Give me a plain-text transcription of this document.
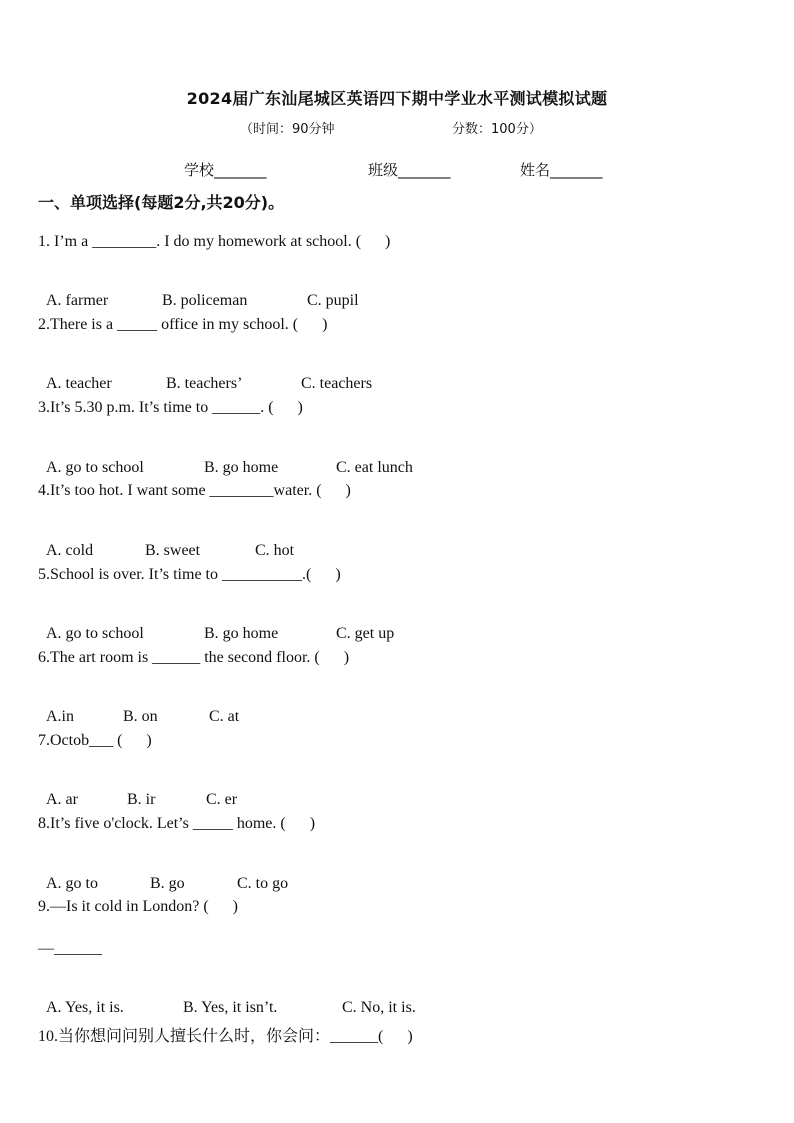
2024届广东汕尾城区英语四下期中学业水平测试模拟试题
（时间：90分钟	分数：100分）
学校_______	班级_______	姓名_______
一、单项选择(每题2分,共20分)。
1. I’m a ________. I do my homework at school. (      )

A. farmer	B. policeman	C. pupil

2.There is a _____ office in my school. (      )

A. teacher	B. teachers’	C. teachers

3.It’s 5.30 p.m. It’s time to ______. (      )

A. go to school	B. go home	C. eat lunch

4.It’s too hot. I want some ________water. (      )

A. cold	B. sweet	C. hot

5.School is over. It’s time to __________.(      )

A. go to school	B. go home	C. get up

6.The art room is ______ the second floor. (      )

A.in	B. on	C. at

7.Octob___ (      )

A. ar	B. ir	C. er

8.It’s five o'clock. Let’s _____ home. (      )

A. go to	B. go	C. to go

9.—Is it cold in London? (      )
—______

A. Yes, it is.	B. Yes, it isn’t.	C. No, it is.

10.当你想问问别人擅长什么时，你会问：______(      )
